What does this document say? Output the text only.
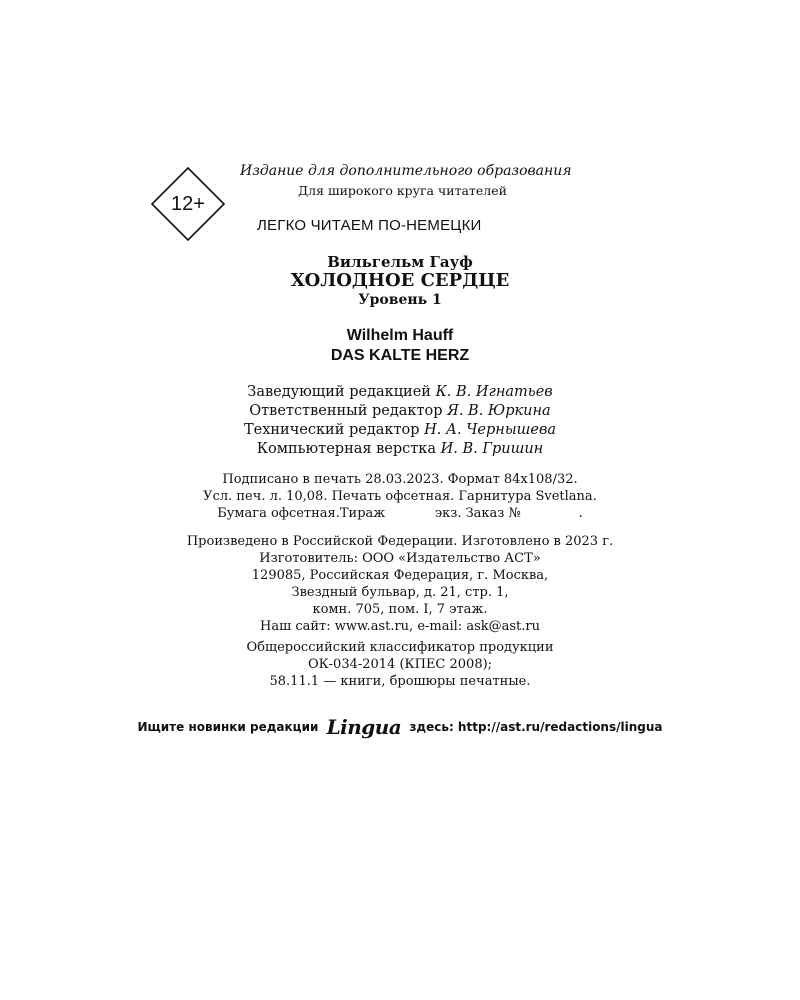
12+
Издание для дополнительного образования
Для широкого круга читателей
ЛЕГКО ЧИТАЕМ ПО-НЕМЕЦКИ
Вильгельм Гауф
ХОЛОДНОЕ СЕРДЦЕ
Уровень 1
Wilhelm Hauff
DAS KALTE HERZ
Заведующий редакцией К. В. Игнатьев
Ответственный редактор Я. В. Юркина
Технический редактор Н. А. Чернышева
Компьютерная верстка И. В. Гришин
Подписано в печать 28.03.2023. Формат 84x108/32.
Усл. печ. л. 10,08. Печать офсетная. Гарнитура Svetlana.
Бумага офсетная.Тираж            экз. Заказ №              .
Произведено в Российской Федерации. Изготовлено в 2023 г.
Изготовитель: ООО «Издательство АСТ»
129085, Российская Федерация, г. Москва,
Звездный бульвар, д. 21, стр. 1,
комн. 705, пом. I, 7 этаж.
Наш сайт: www.ast.ru, e-mail: ask@ast.ru
Общероссийский классификатор продукции
ОК-034-2014 (КПЕС 2008);
58.11.1 — книги, брошюры печатные.
Ищите новинки редакции Lingua здесь: http://ast.ru/redactions/lingua
